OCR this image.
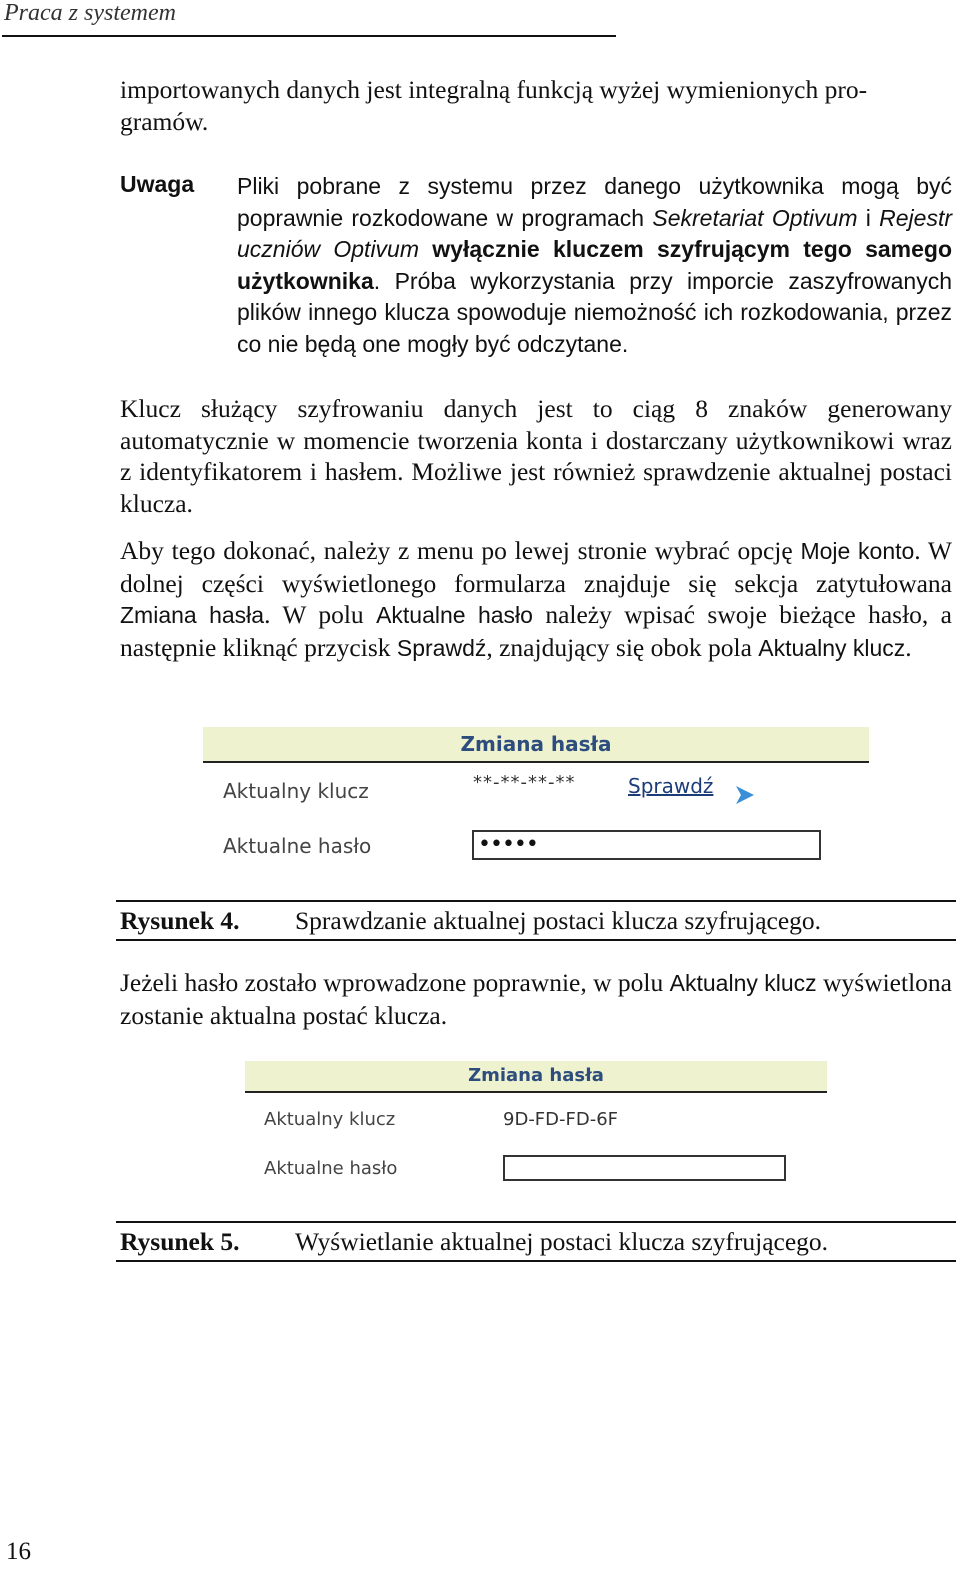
Praca z systemem
importowanych danych jest integralną funkcją wyżej wymienionych pro-
gramów.
Uwaga Pliki pobrane z systemu przez danego użytkownika mogą być poprawnie rozkodowane w programach Sekretariat Optivum i Rejestr uczniów Optivum wyłącznie kluczem szyfrującym tego samego użytkownika. Próba wykorzystania przy imporcie zaszyfrowanych plików innego klucza spowoduje niemożność ich rozkodowania, przez co nie będą one mogły być odczytane.

Klucz służący szyfrowaniu danych jest to ciąg 8 znaków generowany automatycznie w momencie tworzenia konta i dostarczany użytkownikowi wraz z identyfikatorem i hasłem. Możliwe jest również sprawdzenie aktualnej postaci klucza.

Aby tego dokonać, należy z menu po lewej stronie wybrać opcję Moje konto. W dolnej części wyświetlonego formularza znajduje się sekcja zatytułowana Zmiana hasła. W polu Aktualne hasło należy wpisać swoje bieżące hasło, a następnie kliknąć przycisk Sprawdź, znajdujący się obok pola Aktualny klucz.

Zmiana hasła
Aktualny klucz	**-**-**-**	Sprawdź
Aktualne hasło	•••••
Rysunek 4. Sprawdzanie aktualnej postaci klucza szyfrującego.

Jeżeli hasło zostało wprowadzone poprawnie, w polu Aktualny klucz wyświetlona zostanie aktualna postać klucza.

Zmiana hasła
Aktualny klucz	9D-FD-FD-6F
Aktualne hasło
Rysunek 5. Wyświetlanie aktualnej postaci klucza szyfrującego.
16
